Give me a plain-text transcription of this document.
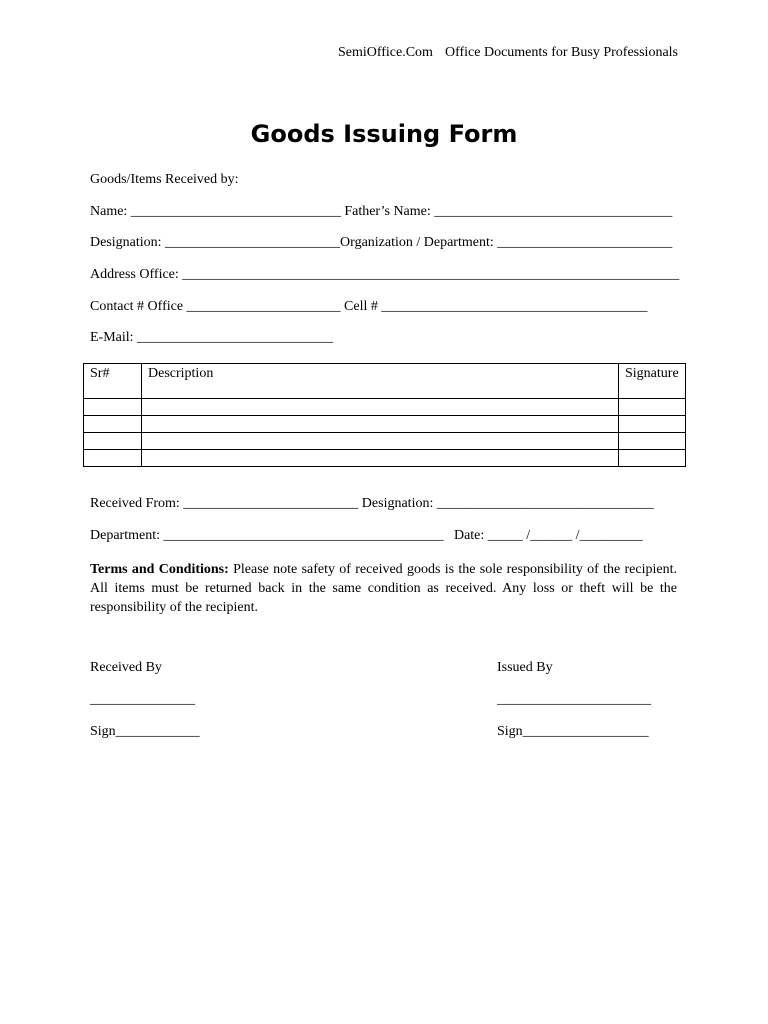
SemiOffice.Com Office Documents for Busy Professionals
Goods Issuing Form
Goods/Items Received by:
Name: ______________________________ Father’s Name: __________________________________
Designation: _________________________Organization / Department: _________________________
Address Office: _______________________________________________________________________
Contact # Office ______________________ Cell # ______________________________________
E-Mail: ____________________________
Sr#	Description	Signature

Received From: _________________________ Designation: _______________________________
Department: ________________________________________   Date: _____ /______ /_________
Terms and Conditions: Please note safety of received goods is the sole responsibility of the recipient. All items must be returned back in the same condition as received. Any loss or theft will be the responsibility of the recipient.
Received By
_______________
Sign____________
Issued By
______________________
Sign__________________
